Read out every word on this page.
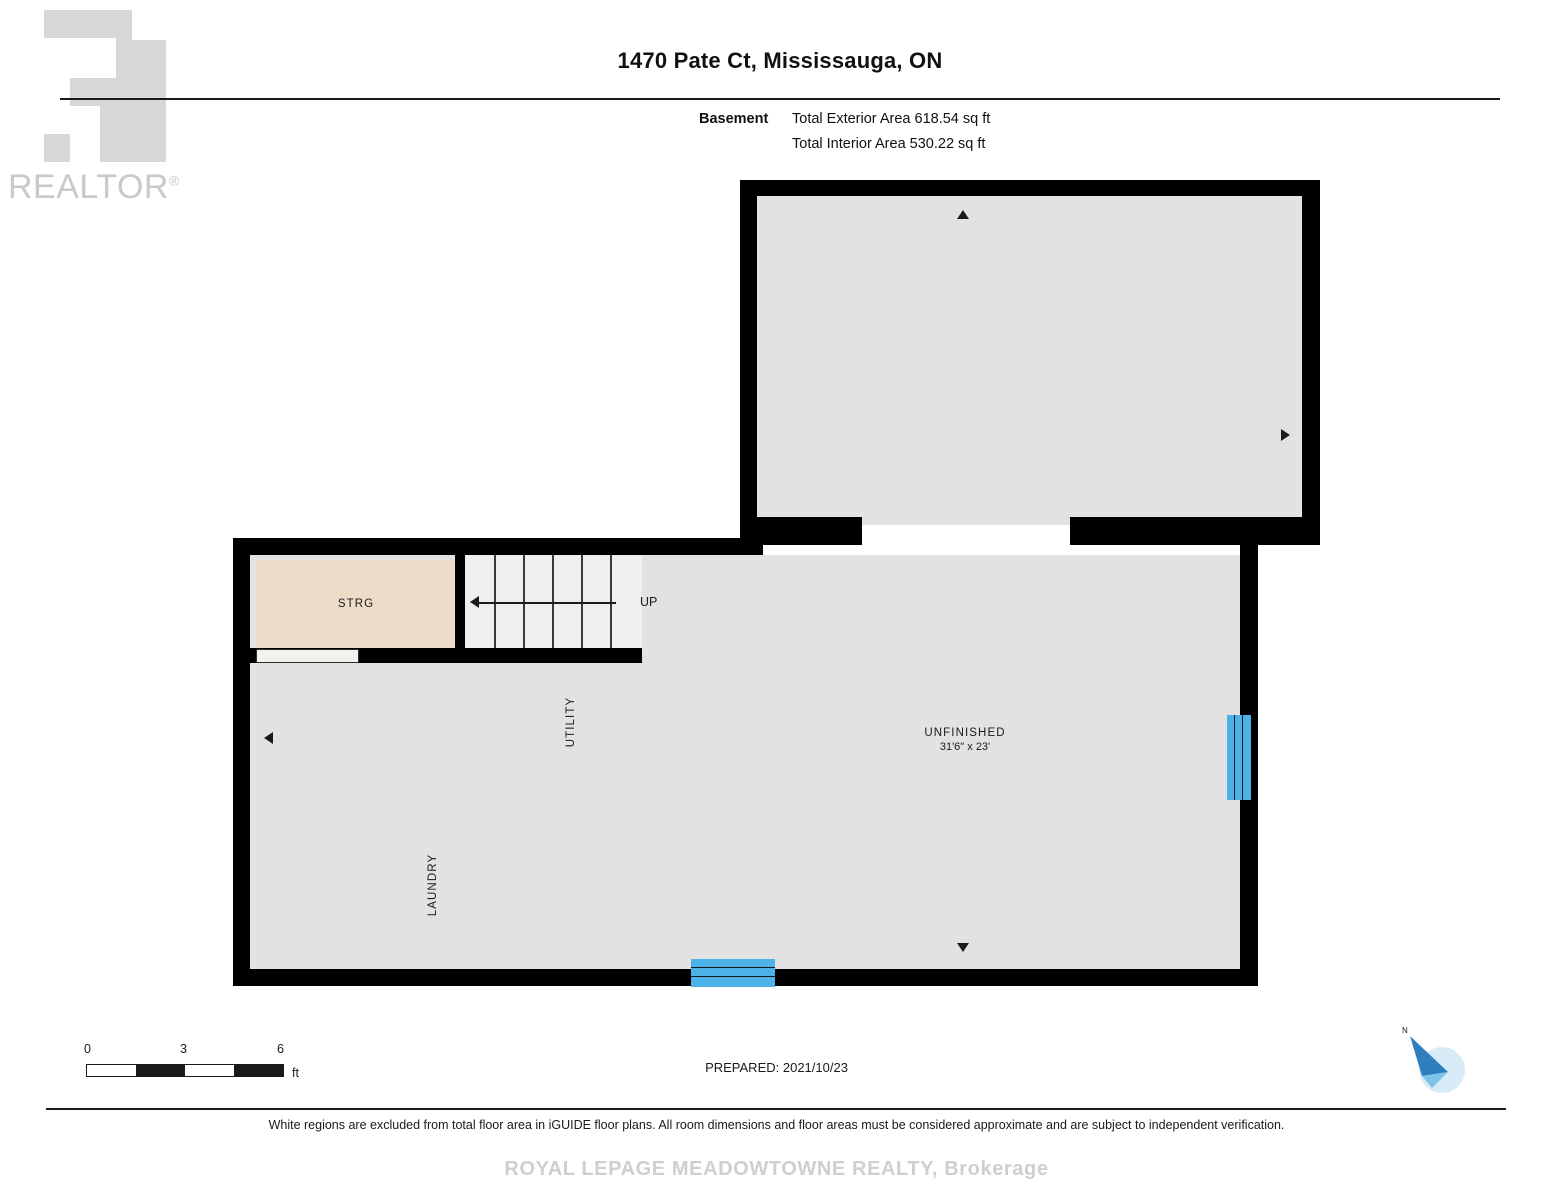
REALTOR®
1470 Pate Ct, Mississauga, ON
Basement Total Exterior Area 618.54 sq ft
Total Interior Area 530.22 sq ft
UP
STRG
UTILITY
LAUNDRY
UNFINISHED
31'6" x 23'
0	3	6
ft	PREPARED: 2021/10/23
N
White regions are excluded from total floor area in iGUIDE floor plans. All room dimensions and floor areas must be considered approximate and are subject to independent verification.
ROYAL LEPAGE MEADOWTOWNE REALTY, Brokerage
